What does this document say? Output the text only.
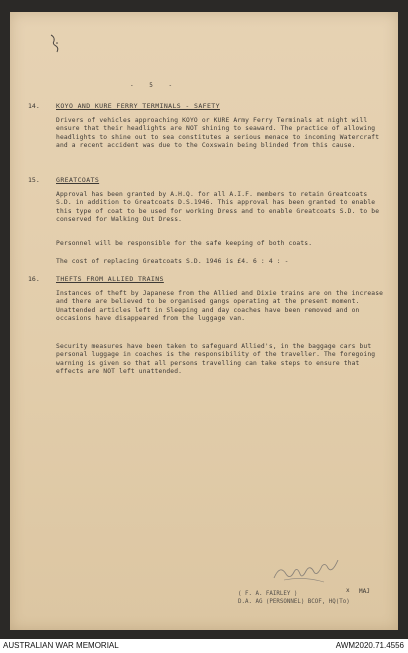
- 5 -
14.	KOYO AND KURE FERRY TERMINALS - SAFETY
Drivers of vehicles approaching KOYO or KURE Army Ferry Terminals at night will ensure that their headlights are NOT shining to seaward. The practice of allowing headlights to shine out to sea constitutes a serious menace to incoming Watercraft and a recent accident was due to the Coxswain being blinded from this cause.
15.	GREATCOATS
Approval has been granted by A.H.Q. for all A.I.F. members to retain Greatcoats S.D. in addition to Greatcoats D.S.1946. This approval has been granted to enable this type of coat to be used for working Dress and to enable Greatcoats S.D. to be conserved for Walking Out Dress.
Personnel will be responsible for the safe keeping of both coats.
The cost of replacing Greatcoats S.D. 1946 is £4. 6 : 4 : -
16.	THEFTS FROM ALLIED TRAINS
Instances of theft by Japanese from the Allied and Dixie trains are on the increase and there are believed to be organised gangs operating at the present moment. Unattended articles left in Sleeping and day coaches have been removed and on occasions have disappeared from the luggage van.
Security measures have been taken to safeguard Allied's, in the baggage cars but personal luggage in coaches is the responsibility of the traveller. The foregoing warning is given so that all persons travelling can take steps to ensure that effects are NOT left unattended.
x MAJ
( F. A. FAIRLEY )
D.A. AG (PERSONNEL) BCOF, HQ(To)
AUSTRALIAN WAR MEMORIAL	AWM2020.71.4556
